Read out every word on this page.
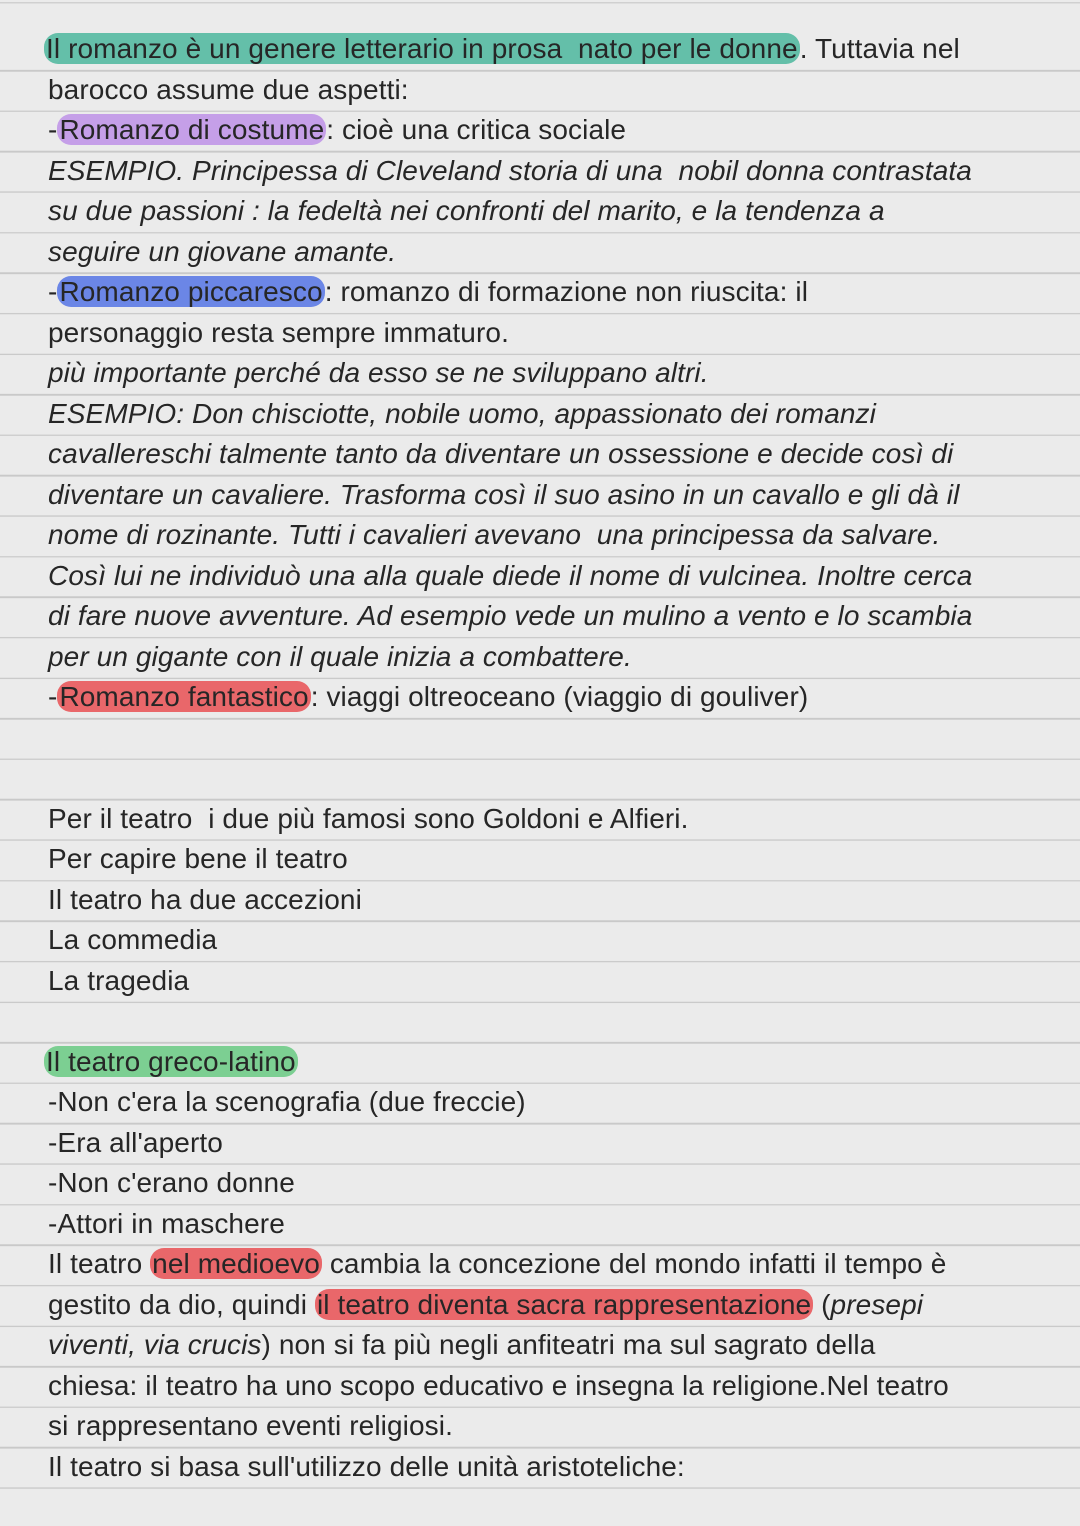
Il romanzo è un genere letterario in prosa  nato per le donne. Tuttavia nel
barocco assume due aspetti:
-Romanzo di costume: cioè una critica sociale
ESEMPIO. Principessa di Cleveland storia di una  nobil donna contrastata
su due passioni : la fedeltà nei confronti del marito, e la tendenza a
seguire un giovane amante.
-Romanzo piccaresco: romanzo di formazione non riuscita: il
personaggio resta sempre immaturo.
più importante perché da esso se ne sviluppano altri.
ESEMPIO: Don chisciotte, nobile uomo, appassionato dei romanzi
cavallereschi talmente tanto da diventare un ossessione e decide così di
diventare un cavaliere. Trasforma così il suo asino in un cavallo e gli dà il
nome di rozinante. Tutti i cavalieri avevano  una principessa da salvare.
Così lui ne individuò una alla quale diede il nome di vulcinea. Inoltre cerca
di fare nuove avventure. Ad esempio vede un mulino a vento e lo scambia
per un gigante con il quale inizia a combattere.
-Romanzo fantastico: viaggi oltreoceano (viaggio di gouliver)
Per il teatro  i due più famosi sono Goldoni e Alfieri.
Per capire bene il teatro
Il teatro ha due accezioni
La commedia
La tragedia
Il teatro greco-latino
-Non c'era la scenografia (due freccie)
-Era all'aperto
-Non c'erano donne
-Attori in maschere
Il teatro nel medioevo cambia la concezione del mondo infatti il tempo è
gestito da dio, quindi il teatro diventa sacra rappresentazione (presepi
viventi, via crucis) non si fa più negli anfiteatri ma sul sagrato della
chiesa: il teatro ha uno scopo educativo e insegna la religione.Nel teatro
si rappresentano eventi religiosi.
Il teatro si basa sull'utilizzo delle unità aristoteliche:
